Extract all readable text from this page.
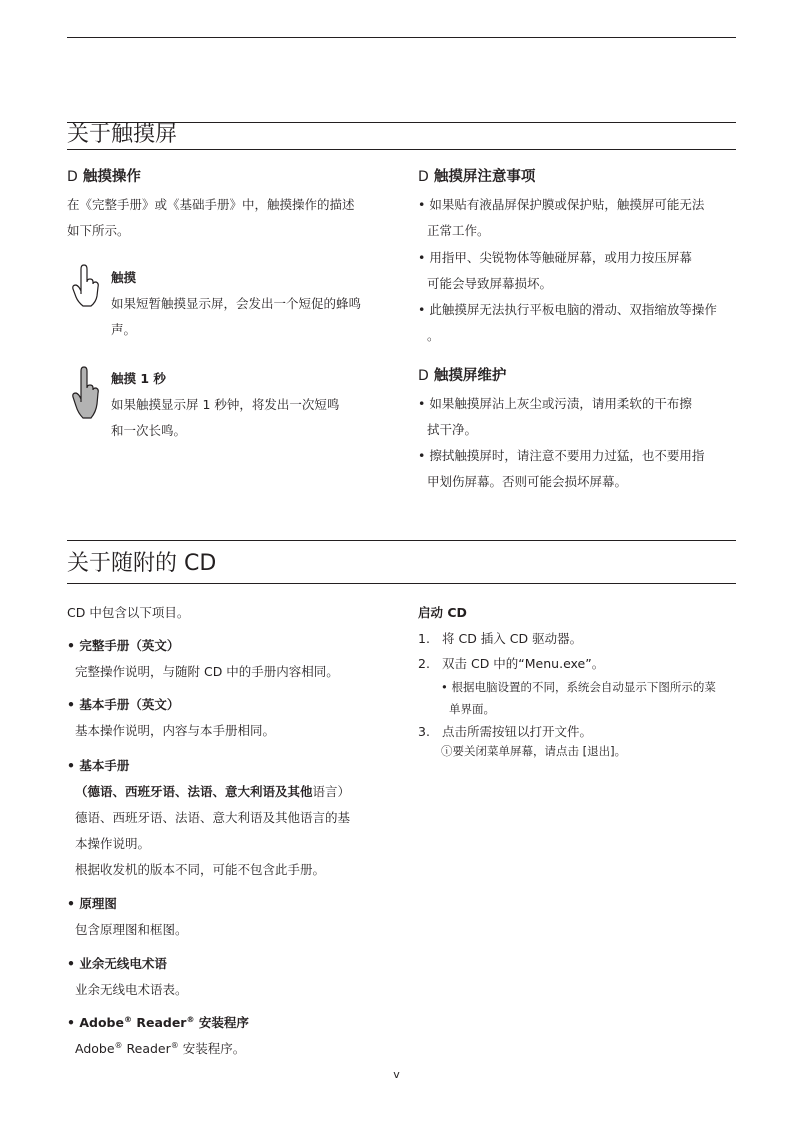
关于触摸屏
D 触摸操作
在《完整手册》或《基础手册》中，触摸操作的描述
如下所示。
触摸
如果短暂触摸显示屏，会发出一个短促的蜂鸣
声。
触摸 1 秒
如果触摸显示屏 1 秒钟，将发出一次短鸣
和一次长鸣。
D 触摸屏注意事项
• 如果贴有液晶屏保护膜或保护贴，触摸屏可能无法
正常工作。
• 用指甲、尖锐物体等触碰屏幕，或用力按压屏幕
可能会导致屏幕损坏。
• 此触摸屏无法执行平板电脑的滑动、双指缩放等操作
。
D 触摸屏维护
• 如果触摸屏沾上灰尘或污渍，请用柔软的干布擦
拭干净。
• 擦拭触摸屏时，请注意不要用力过猛，也不要用指
甲划伤屏幕。否则可能会损坏屏幕。
关于随附的 CD
CD 中包含以下项目。
• 完整手册（英文）
完整操作说明，与随附 CD 中的手册内容相同。
• 基本手册（英文）
基本操作说明，内容与本手册相同。
• 基本手册
（德语、西班牙语、法语、意大利语及其他语言）
德语、西班牙语、法语、意大利语及其他语言的基
本操作说明。
根据收发机的版本不同，可能不包含此手册。
• 原理图
包含原理图和框图。
• 业余无线电术语
业余无线电术语表。
• Adobe® Reader® 安装程序
Adobe® Reader® 安装程序。
启动 CD
1. 将 CD 插入 CD 驱动器。
2. 双击 CD 中的“Menu.exe”。
• 根据电脑设置的不同，系统会自动显示下图所示的菜
单界面。
3. 点击所需按钮以打开文件。
ⓘ要关闭菜单屏幕，请点击 [退出]。
v
